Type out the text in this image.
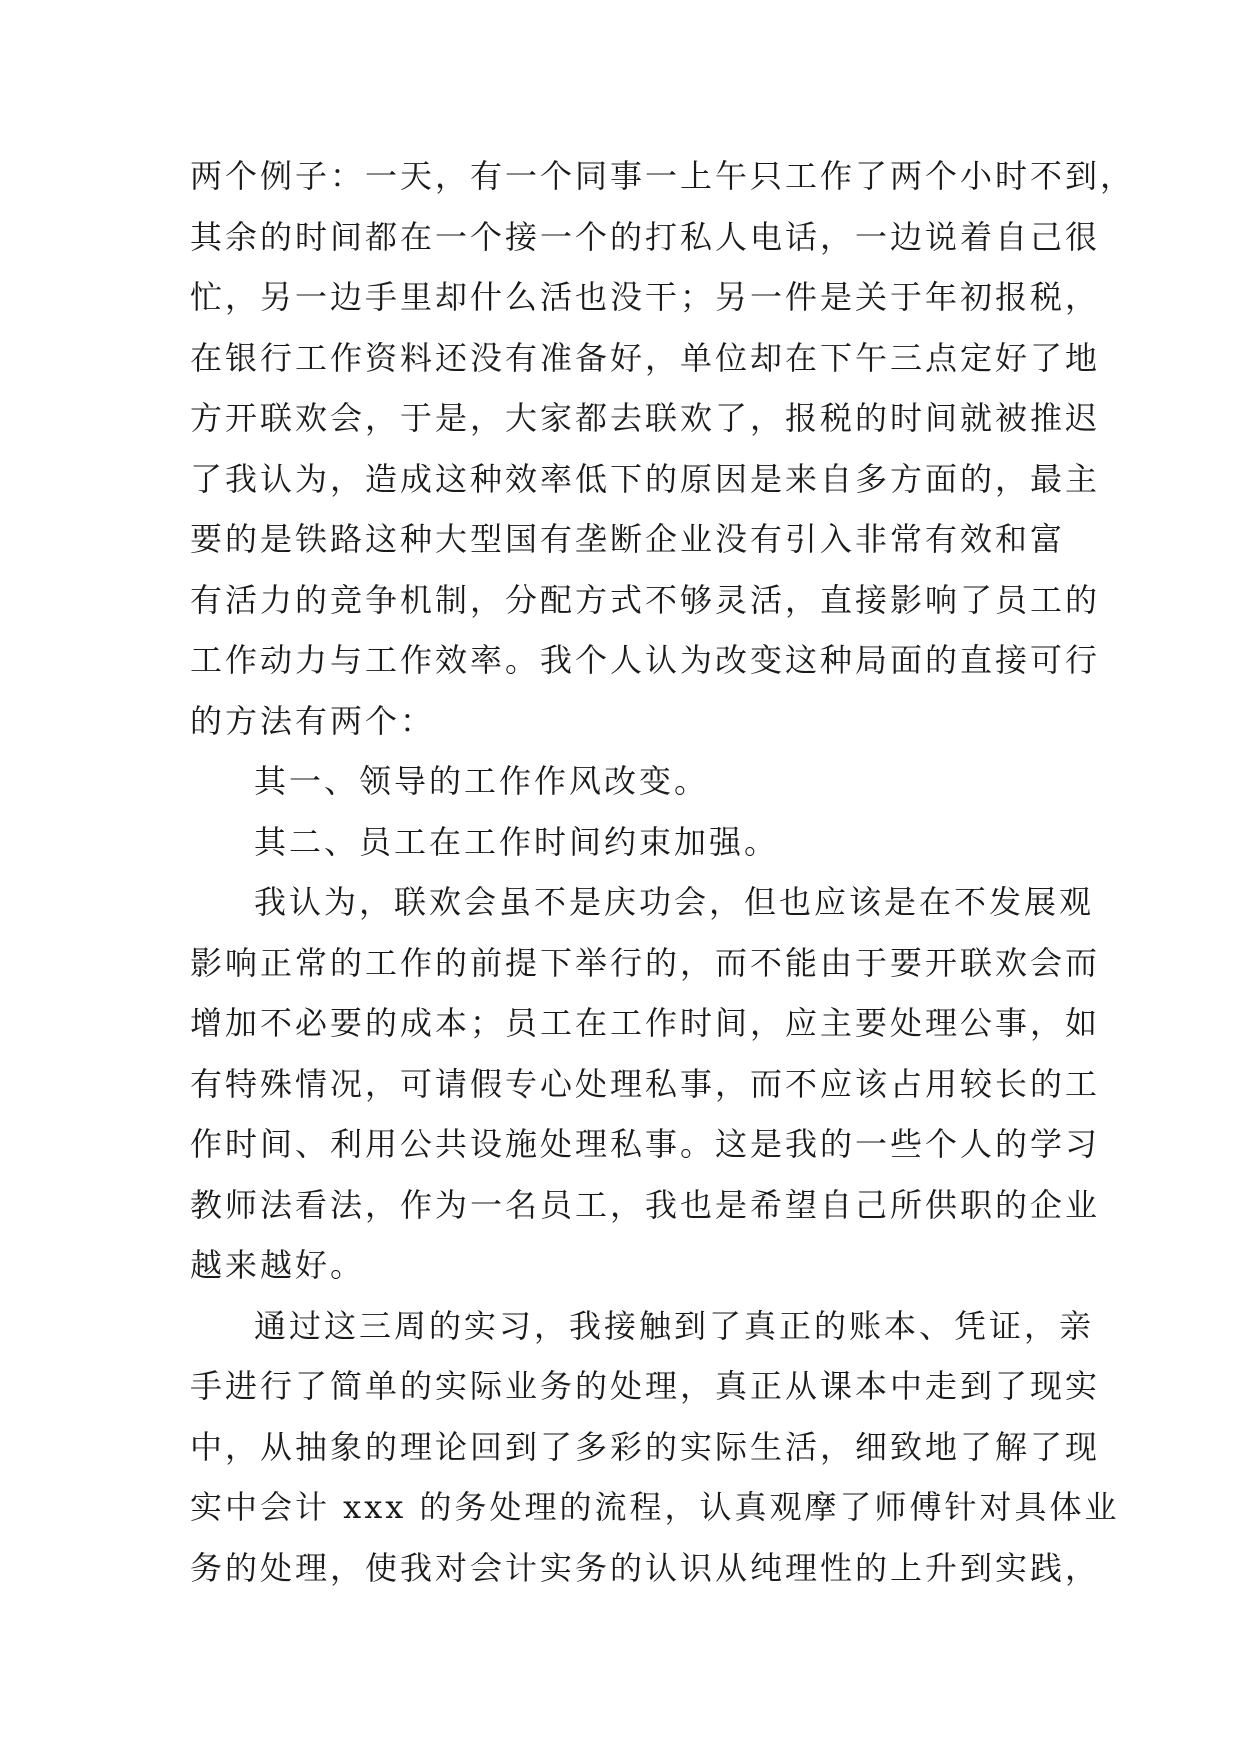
两个例子：一天，有一个同事一上午只工作了两个小时不到，
其余的时间都在一个接一个的打私人电话，一边说着自己很
忙，另一边手里却什么活也没干；另一件是关于年初报税，
在银行工作资料还没有准备好，单位却在下午三点定好了地
方开联欢会，于是，大家都去联欢了，报税的时间就被推迟
了我认为，造成这种效率低下的原因是来自多方面的，最主
要的是铁路这种大型国有垄断企业没有引入非常有效和富
有活力的竞争机制，分配方式不够灵活，直接影响了员工的
工作动力与工作效率。我个人认为改变这种局面的直接可行
的方法有两个：
其一、领导的工作作风改变。
其二、员工在工作时间约束加强。
我认为，联欢会虽不是庆功会，但也应该是在不发展观
影响正常的工作的前提下举行的，而不能由于要开联欢会而
增加不必要的成本；员工在工作时间，应主要处理公事，如
有特殊情况，可请假专心处理私事，而不应该占用较长的工
作时间、利用公共设施处理私事。这是我的一些个人的学习
教师法看法，作为一名员工，我也是希望自己所供职的企业
越来越好。
通过这三周的实习，我接触到了真正的账本、凭证，亲
手进行了简单的实际业务的处理，真正从课本中走到了现实
中，从抽象的理论回到了多彩的实际生活，细致地了解了现
实中会计 xxx 的务处理的流程，认真观摩了师傅针对具体业
务的处理，使我对会计实务的认识从纯理性的上升到实践，
